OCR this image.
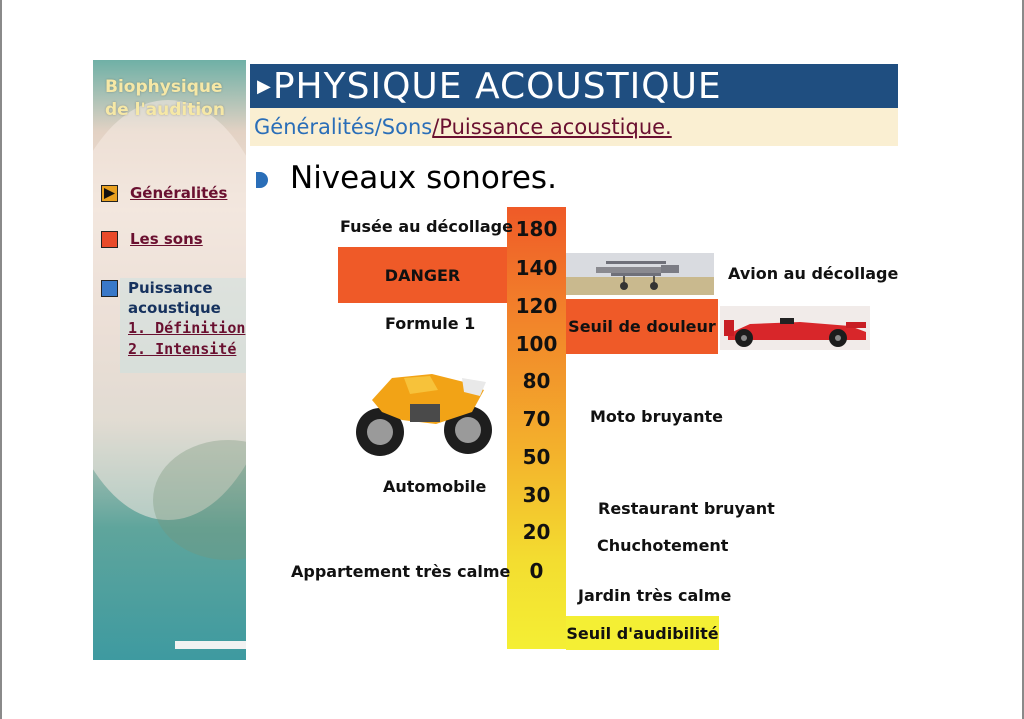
Biophysique
de l'audition
Généralités
Les sons
Puissance
acoustique
1. Définition
2. Intensité
▶ PHYSIQUE ACOUSTIQUE
Généralités/Sons /Puissance acoustique.
Niveaux sonores.
DANGER
180
140
120
100
80
70
50
30
20
0
Seuil de douleur
Seuil d'audibilité
Fusée au décollage
Avion au décollage
Formule 1
Moto bruyante
Automobile
Restaurant bruyant
Chuchotement
Appartement très calme
Jardin très calme
